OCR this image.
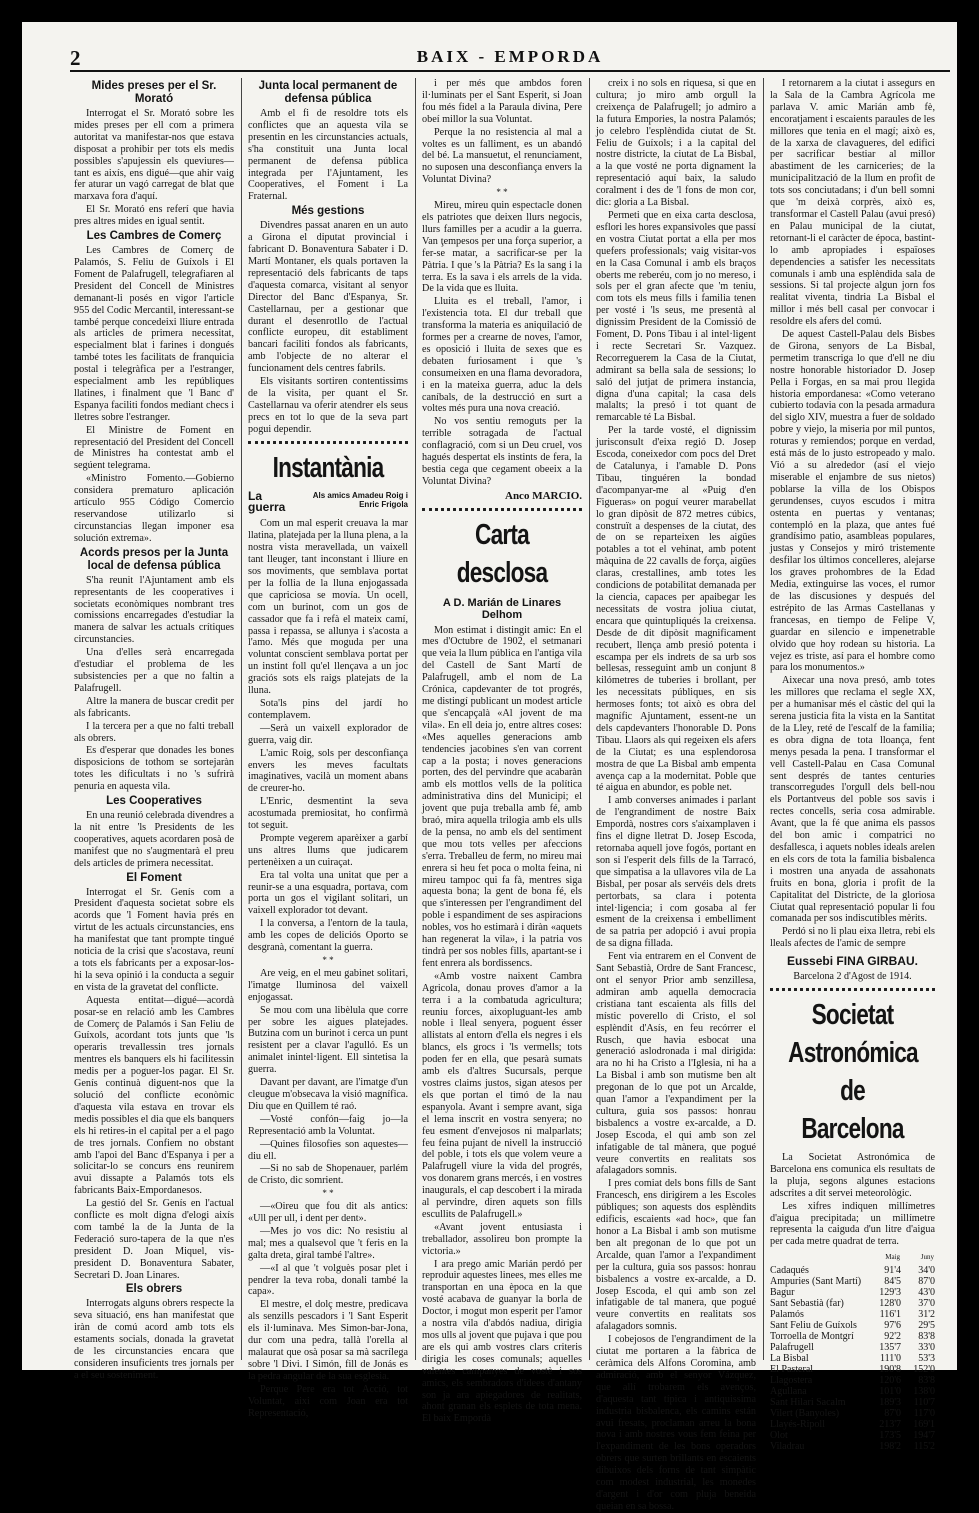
2	BAIX - EMPORDA
Mides preses per el Sr. Morató

Interrogat el Sr. Morató sobre les mides preses per ell com a primera autoritat va manifestar-nos que estava disposat a prohibir per tots els medis possibles s'apujessin els queviures—tant es aixís, ens digué—que ahir vaig fer aturar un vagó carregat de blat que marxava fora d'aquí.

El Sr. Morató ens referí que havia pres altres mides en igual sentit.

Les Cambres de Comerç

Les Cambres de Comerç de Palamós, S. Feliu de Guíxols i El Foment de Palafrugell, telegrafiaren al President del Concell de Ministres demanant-li posés en vigor l'article 955 del Codic Mercantil, interessant-se també perque concedeixi lliure entrada als articles de primera necessitat, especialment blat i farines i dongués també totes les facilitats de franquicia postal i telegràfica per a l'estranger, especialment amb les repúbliques llatines, i finalment que 'l Banc d' Espanya faciliti fondos mediant checs i lletres sobre l'estranger.

El Ministre de Foment en representació del President del Concell de Ministres ha contestat amb el segúent telegrama.

«Ministro Fomento.—Gobierno considera prematuro aplicación artículo 955 Código Comercio reservandose utilizarlo si circunstancias llegan imponer esa solución extrema».

Acords presos per la Junta local de defensa pública

S'ha reunit l'Ajuntament amb els representants de les cooperatives i societats econòmiques nombrant tres comissions encarregades d'estudiar la manera de salvar les actuals crítiques circunstancies.

Una d'elles serà encarregada d'estudiar el problema de les subsistencies per a que no faltin a Palafrugell.

Altre la manera de buscar credit per als fabricants.

I la tercera per a que no falti treball als obrers.

Es d'esperar que donades les bones disposicions de tothom se sortejaràn totes les dificultats i no 's sufrirà penuria en aquesta vila.

Les Cooperatives

En una reunió celebrada divendres a la nit entre 'ls Presidents de les cooperatives, aquets acordaren posà de manifest que no s'augmentarà el preu dels articles de primera necessitat.

El Foment

Interrogat el Sr. Genís com a President d'aquesta societat sobre els acords que 'l Foment havia prés en virtut de les actuals circunstancies, ens ha manifestat que tant prompte tingué noticia de la crisi que s'acostava, reuní a tots els fabricants per a exposar-los-hi la seva opinió i la conducta a seguir en vista de la gravetat del conflicte.

Aquesta entitat—digué—acordà posar-se en relació amb les Cambres de Comerç de Palamós i San Feliu de Guíxols, acordant tots junts que 'ls operaris trevallessin tres jornals mentres els banquers els hi facilitessin medis per a poguer-los pagar. El Sr. Genís continuà diguent-nos que la solució del conflicte econòmic d'aquesta vila estava en trovar els medis possibles el dia que els banquers els hi retires-in el capital per a el pago de tres jornals. Confiem no obstant amb l'apoi del Banc d'Espanya i per a solicitar-lo se concurs ens reunirem avui dissapte a Palamós tots els fabricants Baix-Empordanesos.

La gestió del Sr. Genís en l'actual conflicte es molt digna d'elogi aixís com també la de la Junta de la Federació suro-tapera de la que n'es president D. Joan Miquel, vis-president D. Bonaventura Sabater, Secretari D. Joan Linares.

Els obrers

Interrogats alguns obrers respecte la seva situació, ens han manifestat que iràn de comú acord amb tots els estaments socials, donada la gravetat de les circunstancies encara que consideren insuficients tres jornals per a el seu sosteniment.

Junta local permanent de defensa pública

Amb el fi de resoldre tots els conflictes que an aquesta vila se presentin en les circunstancies actuals, s'ha constituit una Junta local permanent de defensa pública integrada per l'Ajuntament, les Cooperatives, el Foment i La Fraternal.

Més gestions

Divendres passat anaren en un auto a Girona el diputat provincial i fabricant D. Bonaventura Sabater i D. Martí Montaner, els quals portaven la representació dels fabricants de taps d'aquesta comarca, visitant al senyor Director del Banc d'Espanya, Sr. Castellarnau, per a gestionar que durant el desenrotllo de l'actual conflicte europeu, dit establiment bancari faciliti fondos als fabricants, amb l'objecte de no alterar el funcionament dels centres fabrils.

Els visitants sortiren contentissims de la visita, per quant el Sr. Castellarnau va oferir atendrer els seus precs en tot lo que de la seva part pogui dependir.

Instantània
La guerra
Als amics Amadeu Roig i Enric Frigola

Com un mal esperit creuava la mar llatina, platejada per la lluna plena, a la nostra vista meravellada, un vaixell tant lleuger, tant inconstant i lliure en sos moviments, que semblava portat per la follia de la lluna enjogassada que capriciosa se movía. Un ocell, com un burinot, com un gos de cassador que fa i refà el mateix camí, passa i repassa, se allunya i s'acosta a l'amo. Més que moguda per una voluntat conscient semblava portat per un instint foll qu'el llençava a un joc graciós sots els raigs platejats de la lluna.

Sota'ls pins del jardí ho contemplavem.

—Serà un vaixell explorador de guerra, vaig dir.

L'amic Roig, sols per desconfiança envers les meves facultats imaginatives, vacilà un moment abans de creurer-ho.

L'Enric, desmentint la seva acostumada premiositat, ho confirmà tot seguit.

Prompte vegerem aparèixer a garbí uns altres llums que judicarem pertenèixen a un cuiraçat.

Era tal volta una unitat que per a reunir-se a una esquadra, portava, com porta un gos el vigilant solitari, un vaixell explorador tot devant.

I la conversa, a l'entorn de la taula, amb les copes de deliciós Oporto se desgranà, comentant la guerra.

* *

Are veig, en el meu gabinet solitari, l'imatge lluminosa del vaixell enjogassat.

Se mou com una libèlula que corre per sobre les aigues platejades. Butzina com un burinot i cerca un punt resistent per a clavar l'agulló. Es un animalet inintel·ligent. Ell sintetisa la guerra.

Davant per davant, are l'imatge d'un cleugue m'obsecava la visió magnífica. Diu que en Quillem té raó.

—Vosté confón—faig jo—la Representació amb la Voluntat.

—Quines filosofies son aquestes—diu ell.

—Si no sab de Shopenauer, parlém de Cristo, dic somrient.

* *

—«Oireu que fou dit als antics: «Ull per ull, i dent per dent».

—Mes jo vos dic: No resistiu al mal; mes a qualsevol que 't feris en la galta dreta, giral també l'altre».

—«I al que 't volguès posar plet i pendrer la teva roba, donali també la capa».

El mestre, el dolç mestre, predicava als senzills pescadors i 'l Sant Esperit els il·luminava. Mes Simon-bar-Jona, dur com una pedra, tallà l'orella al malaurat que osà posar sa mà sacrílega sobre 'l Divi. I Simón, fill de Jonás es la pedra angular de la sua esglesia.

Perque Pere era tot Acció, tot Voluntat, aixi com Joan era tot Representació,

i per més que ambdos foren il·luminats per el Sant Esperit, si Joan fou més fidel a la Paraula divina, Pere obeí millor la sua Voluntat.

Perque la no resistencia al mal a voltes es un falliment, es un abandó del bé. La mansuetut, el renunciament, no suposen una desconfiança envers la Voluntat Divina?

* *

Mireu, mireu quin espectacle donen els patriotes que deixen llurs negocis, llurs familles per a acudir a la guerra. Van ţempesos per una força superior, a fer-se matar, a sacrificar-se per la Pàtria. I que 's la Pàtria? Es la sang i la terra. Es la sava i els arrels de la vida. De la vida que es lluita.

Lluita es el treball, l'amor, i l'existencia tota. El dur treball que transforma la materia es aniquilació de formes per a crearne de noves, l'amor, es oposició i lluita de sexes que es debaten furiosament i que 's consumeixen en una flama devoradora, i en la mateixa guerra, aduc la dels caníbals, de la destrucció en surt a voltes més pura una nova creació.

No vos sentiu remoguts per la terrible sotragada de l'actual conflagració, com si un Deu cruel, vos hagués despertat els instints de fera, la bestia cega que cegament obeeix a la Voluntat Divina?

Anco MARCIO.
Carta desclosa
A D. Marián de Linares Delhom

Mon estimat i distingit amic: En el mes d'Octubre de 1902, el setmanari que veia la llum pública en l'antiga vila del Castell de Sant Martí de Palafrugell, amb el nom de La Crónica, capdevanter de tot progrés, me distingí publicant un modest article que s'encapçalà «Al jovent de ma vila». En ell deia jo, entre altres coses: «Mes aquelles generacions amb tendencies jacobines s'en van corrent cap a la posta; i noves generacions porten, des del pervindre que acabaràn amb els mottlos vells de la política administrativa dins del Municipi; el jovent que puja treballa amb fé, amb braó, mira aquella trilogia amb els ulls de la pensa, no amb els del sentiment que mou tots velles per afeccions s'erra. Treballeu de ferm, no mireu mai enrera si heu fet poca o molta feina, ni mireu tampoc qui fa fà, mentres siga aquesta bona; la gent de bona fé, els que s'interessen per l'engrandiment del poble i espandiment de ses aspiracions nobles, vos ho estimarà i diràn «aquets han regenerat la vila», i la patria vos tindrà per sos nobles fills, apartant-se i fent enrera als bordissencs.

«Amb vostre naixent Cambra Agricola, donau proves d'amor a la terra i a la combatuda agricultura; reuniu forces, aixopluguant-les amb noble i lleal senyera, poguent ésser allistats al entorn d'ella els negres i els blancs, els grocs i 'ls vermells; tots poden fer en ella, que pesarà sumats amb els d'altres Sucursals, perque vostres claims justos, sigan atesos per els que portan el timó de la nau espanyola. Avant i sempre avant, siga el lema inscrit en vostra senyera; no feu esment d'envejosos ni malparlats; feu feina pujant de nivell la instrucció del poble, i tots els que volem veure a Palafrugell viure la vida del progrés, vos donarem grans mercés, i en vostres inaugurals, el cap descobert i la mirada al pervindre, diren aquets son fills escullits de Palafrugell.»

«Avant jovent entusiasta i treballador, assolireu bon prompte la victoria.»

I ara prego amic Marián perdó per reproduir aquestes linees, mes elles me transportan en una època en la que vosté acabava de guanyar la borla de Doctor, i mogut mon esperit per l'amor a nostra vila d'abdós nadiua, dirigia mos ulls al jovent que pujava i que pou are els qui amb vostres clars criteris dirigia les coses comunals; aquelles valentes campanyes de vostè i sos amics, els sembradors d'idees d'antany son ja ara apiegadores de realitats, ahont granan els esplets de tota mena. El baix Empordà

creix i no sols en riquesa, si que en cultura; jo miro amb orgull la creixença de Palafrugell; jo admiro a la futura Empories, la nostra Palamós; jo celebro l'esplèndida ciutat de St. Feliu de Guíxols; i a la capital del nostre districte, la ciutat de La Bisbal, a la que vosté ne porta dignament la representació aquí baix, la saludo coralment i des de 'l fons de mon cor, dic: gloria a La Bisbal.

Permeti que en eixa carta desclosa, esflori les hores expansivoles que passí en vostra Ciutat portat a ella per mos quefers professionals; vaig visitar-vos en la Casa Comunal i amb els braços oberts me reberéu, com jo no mereso, i sols per el gran afecte que 'm teniu, com tots els meus fills i familia tenen per vosté i 'ls seus, me presentà al dignissim President de la Comissió de Foment, D. Pons Tibau i al intel·ligent i recte Secretari Sr. Vazquez. Recorreguerem la Casa de la Ciutat, admirant sa bella sala de sessions; lo saló del jutjat de primera instancia, digna d'una capital; la casa dels malalts; la presó i tot quant de remarcable té La Bisbal.

Per la tarde vosté, el dignissim jurisconsult d'eixa regió D. Josep Escoda, coneixedor com pocs del Dret de Catalunya, i l'amable D. Pons Tibau, tinguéren la bondad d'acompanyar-me al «Puig d'en Figueras» on poguí veurer marabellat lo gran dipòsit de 872 metres cúbics, construït a despenses de la ciutat, des de on se reparteixen les aigües potables a tot el vehinat, amb potent màquina de 22 cavalls de força, aigües claras, crestallines, amb totes les condicions de potabilitat demanada per la ciencia, capaces per apaibegar les necessitats de vostra joliua ciutat, encara que quintupliqués la creixensa. Desde de dit dipòsit magnificament recubert, llença amb presió potenta i escampa per els indrets de sa urb sos bellesas, resseguint amb un conjunt 8 kilómetres de tuberies i brollant, per les necessitats públiques, en sis hermoses fonts; tot això es obra del magnífic Ajuntament, essent-ne un dels capdevanters l'honorable D. Pons Tibau. Llaors als qui regeixen els afers de la Ciutat; es una esplendorosa mostra de que La Bisbal amb empenta avença cap a la modernitat. Poble que té aigua en abundor, es poble net.

I amb converses animades i parlant de l'engrandiment de nostre Baix Empordà, nostres cors s'aixamplaven i fins el digne lletrat D. Josep Escoda, retornaba aquell jove fogós, portant en son si l'esperit dels fills de la Tarracó, que simpatisa a la ullavores vila de La Bisbal, per posar als servéis dels drets pertorbats, sa clara i potenta intel·ligencia; i com gosaba al fer esment de la creixensa i embelliment de sa patria per adopció i avui propia de sa digna fillada.

Fent via entrarem en el Convent de Sant Sebastià, Ordre de Sant Francesc, ont el senyor Prior amb senzillesa, admiran amb aquella democracia cristiana tant escaienta als fills del místic poverello di Cristo, el sol esplèndit d'Asís, en feu recórrer el Rusch, que havia esbocat una generació aslodronada i mal dirigida: ara no hi ha Cristo a l'Iglesia, ni ha a La Bisbal i amb son mutisme ben alt pregonan de lo que pot un Arcalde, quan l'amor a l'expandiment per la cultura, guia sos passos: honrau bisbalencs a vostre ex-arcalde, a D. Josep Escoda, el qui amb son zel infatigable de tal mànera, que pogué veure convertits en realitats sos afalagadors somnis.

I pres comiat dels bons fills de Sant Francesch, ens dirigirem a les Escoles públiques; son aquests dos esplèndits edificis, escaients «ad hoc», que fan honor a La Bisbal i amb son mutisme ben alt pregonan de lo que pot un Arcalde, quan l'amor a l'expandiment per la cultura, guia sos passos: honrau bisbalencs a vostre ex-arcalde, a D. Josep Escoda, el qui amb son zel infatigable de tal manera, que pogué veure convertits en realitats sos afalagadors somnis.

I cobejosos de l'engrandiment de la ciutat me portaren a la fàbrica de ceràmica dels Alfons Coromina, amb admiració, amb el senyor Vázquez, que allí trobarem els avenços, d'aquesta tant típica i antiquissima industria bisbalenca, els camins están avui fresats, proclaman arreu la bona nova i amb nostres vous fem feina per l'expandiment de les bons operadors obrers que surten brillants en escaients dibuixos dels forns de tant simpàtic com modest industrial, les monedes d'argent i d'or com pluja beneida queian en sa bossa.

I retornarem a la ciutat i assegurs en la Sala de la Cambra Agrícola me parlava V. amic Marián amb fè, encoratjament i escaients paraules de les millores que tenia en el magí; això es, de la xarxa de clavagueres, del edifici per sacrificar bestiar al millor abastiment de les carniceries; de la municipalització de la llum en profit de tots sos conciutadans; i d'un bell somni que 'm deixà corprès, això es, transformar el Castell Palau (avui presó) en Palau municipal de la ciutat, retornant-li el caràcter de época, bastint-lo amb apropiades i espaïoses dependencies a satisfer les necessitats comunals i amb una esplèndida sala de sessions. Si tal projecte algun jorn fos realitat viventa, tindria La Bisbal el millor i més bell casal per convocar i resoldre els afers del comú.

De aquest Castell-Palau dels Bisbes de Girona, senyors de La Bisbal, permetim transcriga lo que d'ell ne diu nostre honorable historiador D. Josep Pella i Forgas, en sa mai prou llegida historia empordanesa: «Como veterano cubierto todavia con la pesada armadura del siglo XIV, muestra a fuer de soldado pobre y viejo, la miseria por mil puntos, roturas y remiendos; porque en verdad, está más de lo justo estropeado y malo. Vió a su alrededor (así el viejo miserable el enjambre de sus nietos) poblarse la villa de los Obispos gerundenses, cuyos escudos i mitra ostenta en puertas y ventanas; contempló en la plaza, que antes fué grandísimo patio, asambleas populares, justas y Consejos y miró tristemente desfilar los últimos concelleres, alejarse los graves prohombres de la Edad Media, extinguirse las voces, el rumor de las discusiones y después del estrépito de las Armas Castellanas y francesas, en tiempo de Felipe V, guardar en silencio e impenetrable olvido que hoy rodean su historia. La vejez es triste, así para el hombre como para los monumentos.»

Aixecar una nova presó, amb totes les millores que reclama el segle XX, per a humanisar més el càstic del qui la serena justicia fita la vista en la Santitat de la Lley, reté de l'escalf de la familia; es obra digna de tota lloança, fent menys pesada la pena. I transformar el vell Castell-Palau en Casa Comunal sent després de tantes centuries transcorregudes l'orgull dels bell-nou els Portantveus del poble sos savis i rectes concells, seria cosa admirable. Avant, que la fé que anima els passos del bon amic i compatrici no desfallesca, i aquets nobles ideals arelen en els cors de tota la familia bisbalenca i mostren una anyada de assahonats fruits en bona, gloria i profit de la Capitalitat del Districte, de la gloriosa Ciutat qual representació popular li fou comanada per sos indiscutibles mèrits.

Perdó si no li plau eixa lletra, rebi els lleals afectes de l'amic de sempre

Eussebi FINA GIRBAU.
Barcelona 2 d'Agost de 1914.
Societat Astronómica de Barcelona

La Societat Astronómica de Barcelona ens comunica els resultats de la pluja, segons algunes estacions adscrites a dit servei meteorològic.

Les xifres indiquen millímetres d'aigua precipitada; un millímetre representa la caiguda d'un litre d'aigua per cada metre quadrat de terra.

	Maig	Juny
Cadaqués	91'4	34'0
Ampuries (Sant Martí)	84'5	87'0
Bagur	129'3	43'0
Sant Sebastià (far)	128'0	37'0
Palamós	116'1	31'2
Sant Feliu de Guíxols	97'6	29'5
Torroella de Montgrí	92'2	83'8
Palafrugell	135'7	33'0
La Bisbal	111'0	53'3
El Pasteral	190'8	152'0
Llagostera	120'6	83'8
Agullana	101'0	138'0
Sant Hilari Sacalm	189'3	110'7
Vilert (Banyoles)	87'0	117'0
Llayés-Ripoll	213'7	169'1
Olot	173'5	194'7
Viladrau	198'2	115'2
